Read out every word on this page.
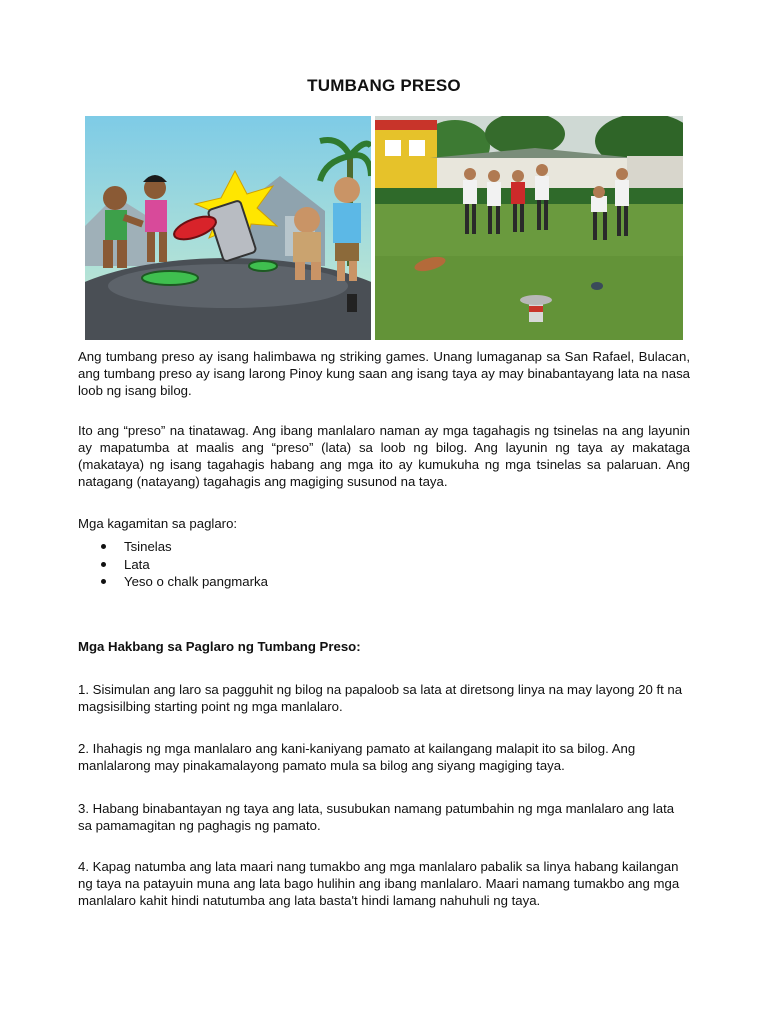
TUMBANG PRESO

Ang tumbang preso ay isang halimbawa ng striking games. Unang lumaganap sa San Rafael, Bulacan, ang tumbang preso ay isang larong Pinoy kung saan ang isang taya ay may binabantayang lata na nasa loob ng isang bilog.

Ito ang “preso” na tinatawag. Ang ibang manlalaro naman ay mga tagahagis ng tsinelas na ang layunin ay mapatumba at maalis ang “preso” (lata) sa loob ng bilog. Ang layunin ng taya ay makataga (makataya) ng isang tagahagis habang ang mga ito ay kumukuha ng mga tsinelas sa palaruan. Ang natagang (natayang) tagahagis ang magiging susunod na taya.

Mga kagamitan sa paglaro:

Tsinelas
Lata
Yeso o chalk pangmarka

Mga Hakbang sa Paglaro ng Tumbang Preso:

1. Sisimulan ang laro sa pagguhit ng bilog na papaloob sa lata at diretsong linya na may layong 20 ft na magsisilbing starting point ng mga manlalaro.

2. Ihahagis ng mga manlalaro ang kani-kaniyang pamato at kailangang malapit ito sa bilog. Ang manlalarong may pinakamalayong pamato mula sa bilog ang siyang magiging taya.

3. Habang binabantayan ng taya ang lata, susubukan namang patumbahin ng mga manlalaro ang lata sa pamamagitan ng paghagis ng pamato.

4. Kapag natumba ang lata maari nang tumakbo ang mga manlalaro pabalik sa linya habang kailangan ng taya na patayuin muna ang lata bago hulihin ang ibang manlalaro. Maari namang tumakbo ang mga manlalaro kahit hindi natutumba ang lata basta't hindi lamang nahuhuli ng taya.
